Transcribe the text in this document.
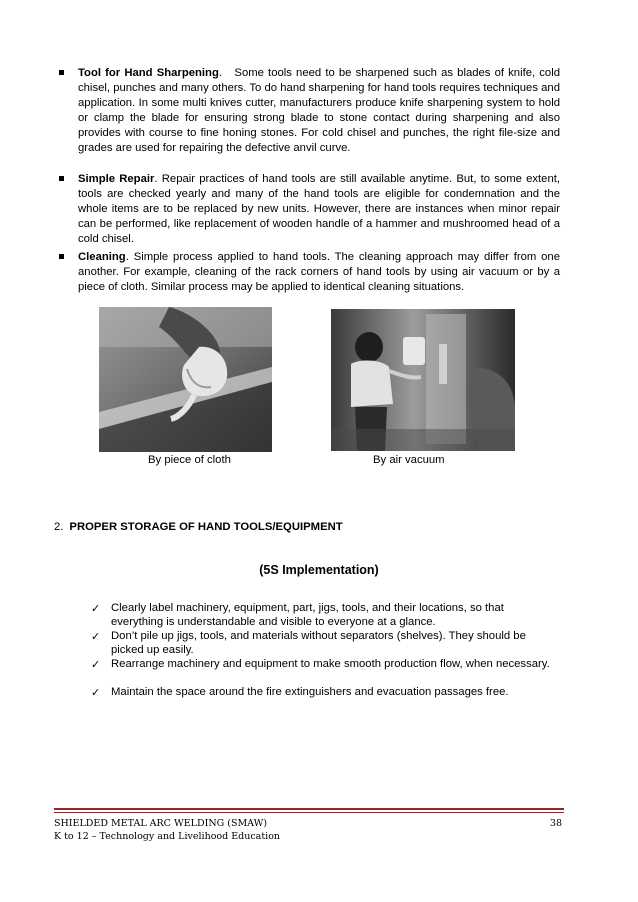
Tool for Hand Sharpening.   Some tools need to be sharpened such as blades of knife, cold chisel, punches and many others. To do hand sharpening for hand tools requires techniques and application. In some multi knives cutter, manufacturers produce knife sharpening system to hold or clamp the blade for ensuring strong blade to stone contact during sharpening and also provides with course to fine honing stones. For cold chisel and punches, the right file-size and grades are used for repairing the defective anvil curve.
Simple Repair. Repair practices of hand tools are still available anytime. But, to some extent, tools are checked yearly and many of the hand tools are eligible for condemnation and the whole items are to be replaced by new units. However, there are instances when minor repair can be performed, like replacement of wooden handle of a hammer and mushroomed head of a cold chisel.
Cleaning. Simple process applied to hand tools. The cleaning approach may differ from one another. For example, cleaning of the rack corners of hand tools by using air vacuum or by a piece of cloth. Similar process may be applied to identical cleaning situations.
By piece of cloth	By air vacuum
2. PROPER STORAGE OF HAND TOOLS/EQUIPMENT
(5S Implementation)
✓ Clearly label machinery, equipment, part, jigs, tools, and their locations, so that everything is understandable and visible to everyone at a glance.
✓ Don’t pile up jigs, tools, and materials without separators (shelves). They should be picked up easily.
✓ Rearrange machinery and equipment to make smooth production flow, when necessary.
✓ Maintain the space around the fire extinguishers and evacuation passages free.
SHIELDED METAL ARC WELDING (SMAW)
K to 12 – Technology and Livelihood Education
38
